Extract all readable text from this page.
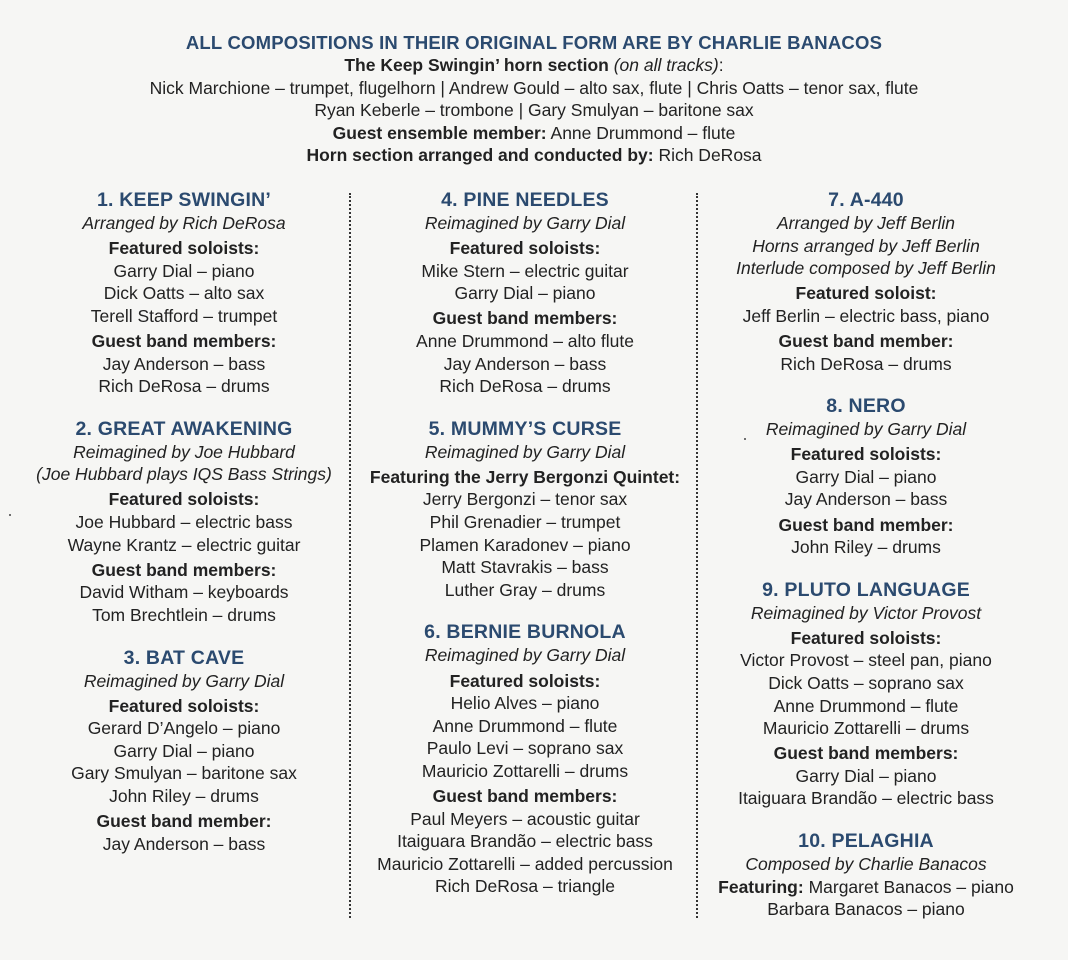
ALL COMPOSITIONS IN THEIR ORIGINAL FORM ARE BY CHARLIE BANACOS
The Keep Swingin’ horn section (on all tracks):
Nick Marchione – trumpet, flugelhorn | Andrew Gould – alto sax, flute | Chris Oatts – tenor sax, flute
Ryan Keberle – trombone | Gary Smulyan – baritone sax
Guest ensemble member: Anne Drummond – flute
Horn section arranged and conducted by: Rich DeRosa
1. KEEP SWINGIN’
Arranged by Rich DeRosa
Featured soloists:
Garry Dial – piano
Dick Oatts – alto sax
Terell Stafford – trumpet
Guest band members:
Jay Anderson – bass
Rich DeRosa – drums
2. GREAT AWAKENING
Reimagined by Joe Hubbard
(Joe Hubbard plays IQS Bass Strings)
Featured soloists:
Joe Hubbard – electric bass
Wayne Krantz – electric guitar
Guest band members:
David Witham – keyboards
Tom Brechtlein – drums
3. BAT CAVE
Reimagined by Garry Dial
Featured soloists:
Gerard D’Angelo – piano
Garry Dial – piano
Gary Smulyan – baritone sax
John Riley – drums
Guest band member:
Jay Anderson – bass
4. PINE NEEDLES
Reimagined by Garry Dial
Featured soloists:
Mike Stern – electric guitar
Garry Dial – piano
Guest band members:
Anne Drummond – alto flute
Jay Anderson – bass
Rich DeRosa – drums
5. MUMMY’S CURSE
Reimagined by Garry Dial
Featuring the Jerry Bergonzi Quintet:
Jerry Bergonzi – tenor sax
Phil Grenadier – trumpet
Plamen Karadonev – piano
Matt Stavrakis – bass
Luther Gray – drums
6. BERNIE BURNOLA
Reimagined by Garry Dial
Featured soloists:
Helio Alves – piano
Anne Drummond – flute
Paulo Levi – soprano sax
Mauricio Zottarelli – drums
Guest band members:
Paul Meyers – acoustic guitar
Itaiguara Brandão – electric bass
Mauricio Zottarelli – added percussion
Rich DeRosa – triangle
7. A-440
Arranged by Jeff Berlin
Horns arranged by Jeff Berlin
Interlude composed by Jeff Berlin
Featured soloist:
Jeff Berlin – electric bass, piano
Guest band member:
Rich DeRosa – drums
8. NERO
Reimagined by Garry Dial
Featured soloists:
Garry Dial – piano
Jay Anderson – bass
Guest band member:
John Riley – drums
9. PLUTO LANGUAGE
Reimagined by Victor Provost
Featured soloists:
Victor Provost – steel pan, piano
Dick Oatts – soprano sax
Anne Drummond – flute
Mauricio Zottarelli – drums
Guest band members:
Garry Dial – piano
Itaiguara Brandão – electric bass
10. PELAGHIA
Composed by Charlie Banacos
Featuring: Margaret Banacos – piano
Barbara Banacos – piano
